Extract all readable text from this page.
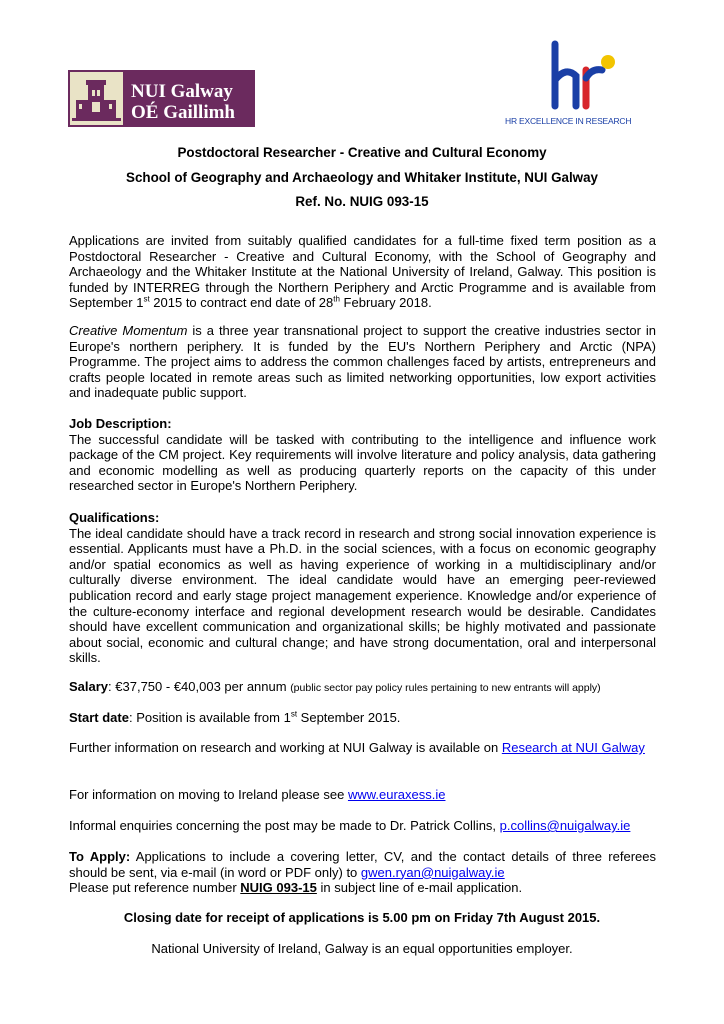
NUI Galway
OÉ Gaillimh	HR EXCELLENCE IN RESEARCH
Postdoctoral Researcher - Creative and Cultural Economy
School of Geography and Archaeology and Whitaker Institute, NUI Galway
Ref. No. NUIG 093-15

Applications are invited from suitably qualified candidates for a full-time fixed term position as a Postdoctoral Researcher - Creative and Cultural Economy, with the School of Geography and Archaeology and the Whitaker Institute at the National University of Ireland, Galway. This position is funded by INTERREG through the Northern Periphery and Arctic Programme and is available from September 1st 2015 to contract end date of 28th February 2018.

Creative Momentum is a three year transnational project to support the creative industries sector in Europe's northern periphery. It is funded by the EU's Northern Periphery and Arctic (NPA) Programme. The project aims to address the common challenges faced by artists, entrepreneurs and crafts people located in remote areas such as limited networking opportunities, low export activities and inadequate public support.

Job Description:
The successful candidate will be tasked with contributing to the intelligence and influence work package of the CM project. Key requirements will involve literature and policy analysis, data gathering and economic modelling as well as producing quarterly reports on the capacity of this under researched sector in Europe's Northern Periphery.
Qualifications:
The ideal candidate should have a track record in research and strong social innovation experience is essential. Applicants must have a Ph.D. in the social sciences, with a focus on economic geography and/or spatial economics as well as having experience of working in a multidisciplinary and/or culturally diverse environment. The ideal candidate would have an emerging peer-reviewed publication record and early stage project management experience. Knowledge and/or experience of the culture-economy interface and regional development research would be desirable. Candidates should have excellent communication and organizational skills; be highly motivated and passionate about social, economic and cultural change; and have strong documentation, oral and interpersonal skills.

Salary: €37,750 - €40,003 per annum (public sector pay policy rules pertaining to new entrants will apply)

Start date: Position is available from 1st September 2015.

Further information on research and working at NUI Galway is available on Research at NUI Galway

For information on moving to Ireland please see www.euraxess.ie

Informal enquiries concerning the post may be made to Dr. Patrick Collins, p.collins@nuigalway.ie

To Apply: Applications to include a covering letter, CV, and the contact details of three referees should be sent, via e-mail (in word or PDF only) to gwen.ryan@nuigalway.ie

Please put reference number NUIG 093-15 in subject line of e-mail application.

Closing date for receipt of applications is 5.00 pm on Friday 7th August 2015.
National University of Ireland, Galway is an equal opportunities employer.
